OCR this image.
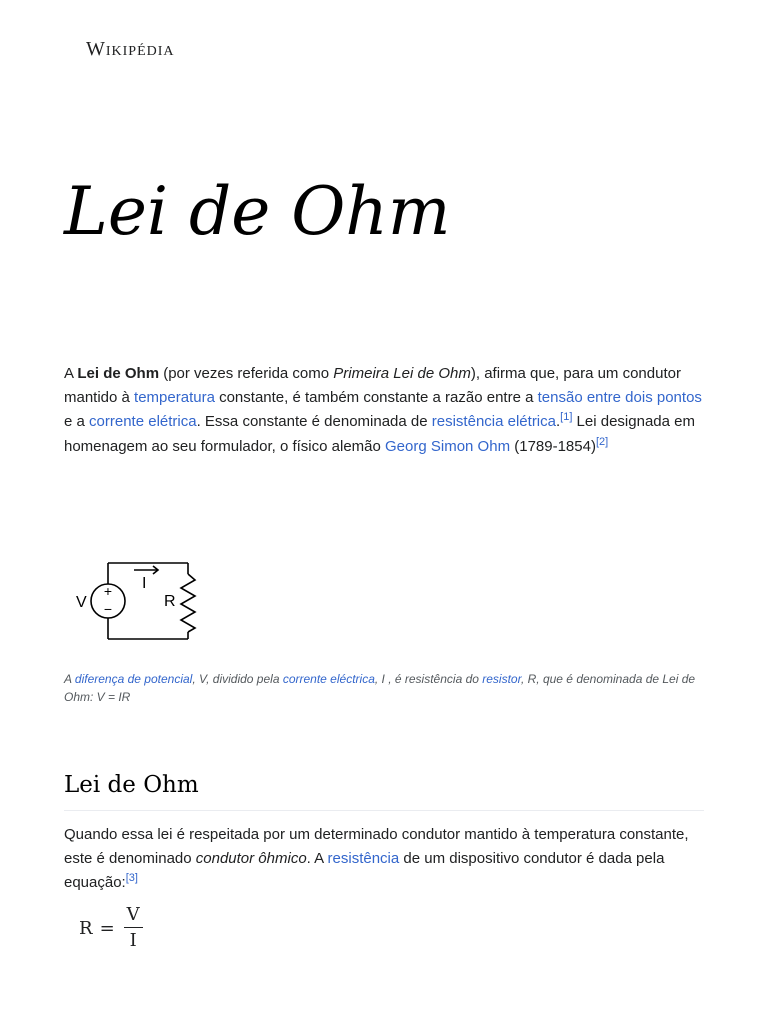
Wikipédia
Lei de Ohm

A Lei de Ohm (por vezes referida como Primeira Lei de Ohm), afirma que, para um condutor mantido à temperatura constante, é também constante a razão entre a tensão entre dois pontos e a corrente elétrica. Essa constante é denominada de resistência elétrica.[1] Lei designada em homenagem ao seu formulador, o físico alemão Georg Simon Ohm (1789-1854)[2]

+
−
V
I
R

A diferença de potencial, V, dividido pela corrente eléctrica, I , é resistência do resistor, R, que é denominada de Lei de Ohm: V = IR

Lei de Ohm

Quando essa lei é respeitada por um determinado condutor mantido à temperatura constante, este é denominado condutor ôhmico. A resistência de um dispositivo condutor é dada pela equação:[3]

$R = \frac{V}{I}$
